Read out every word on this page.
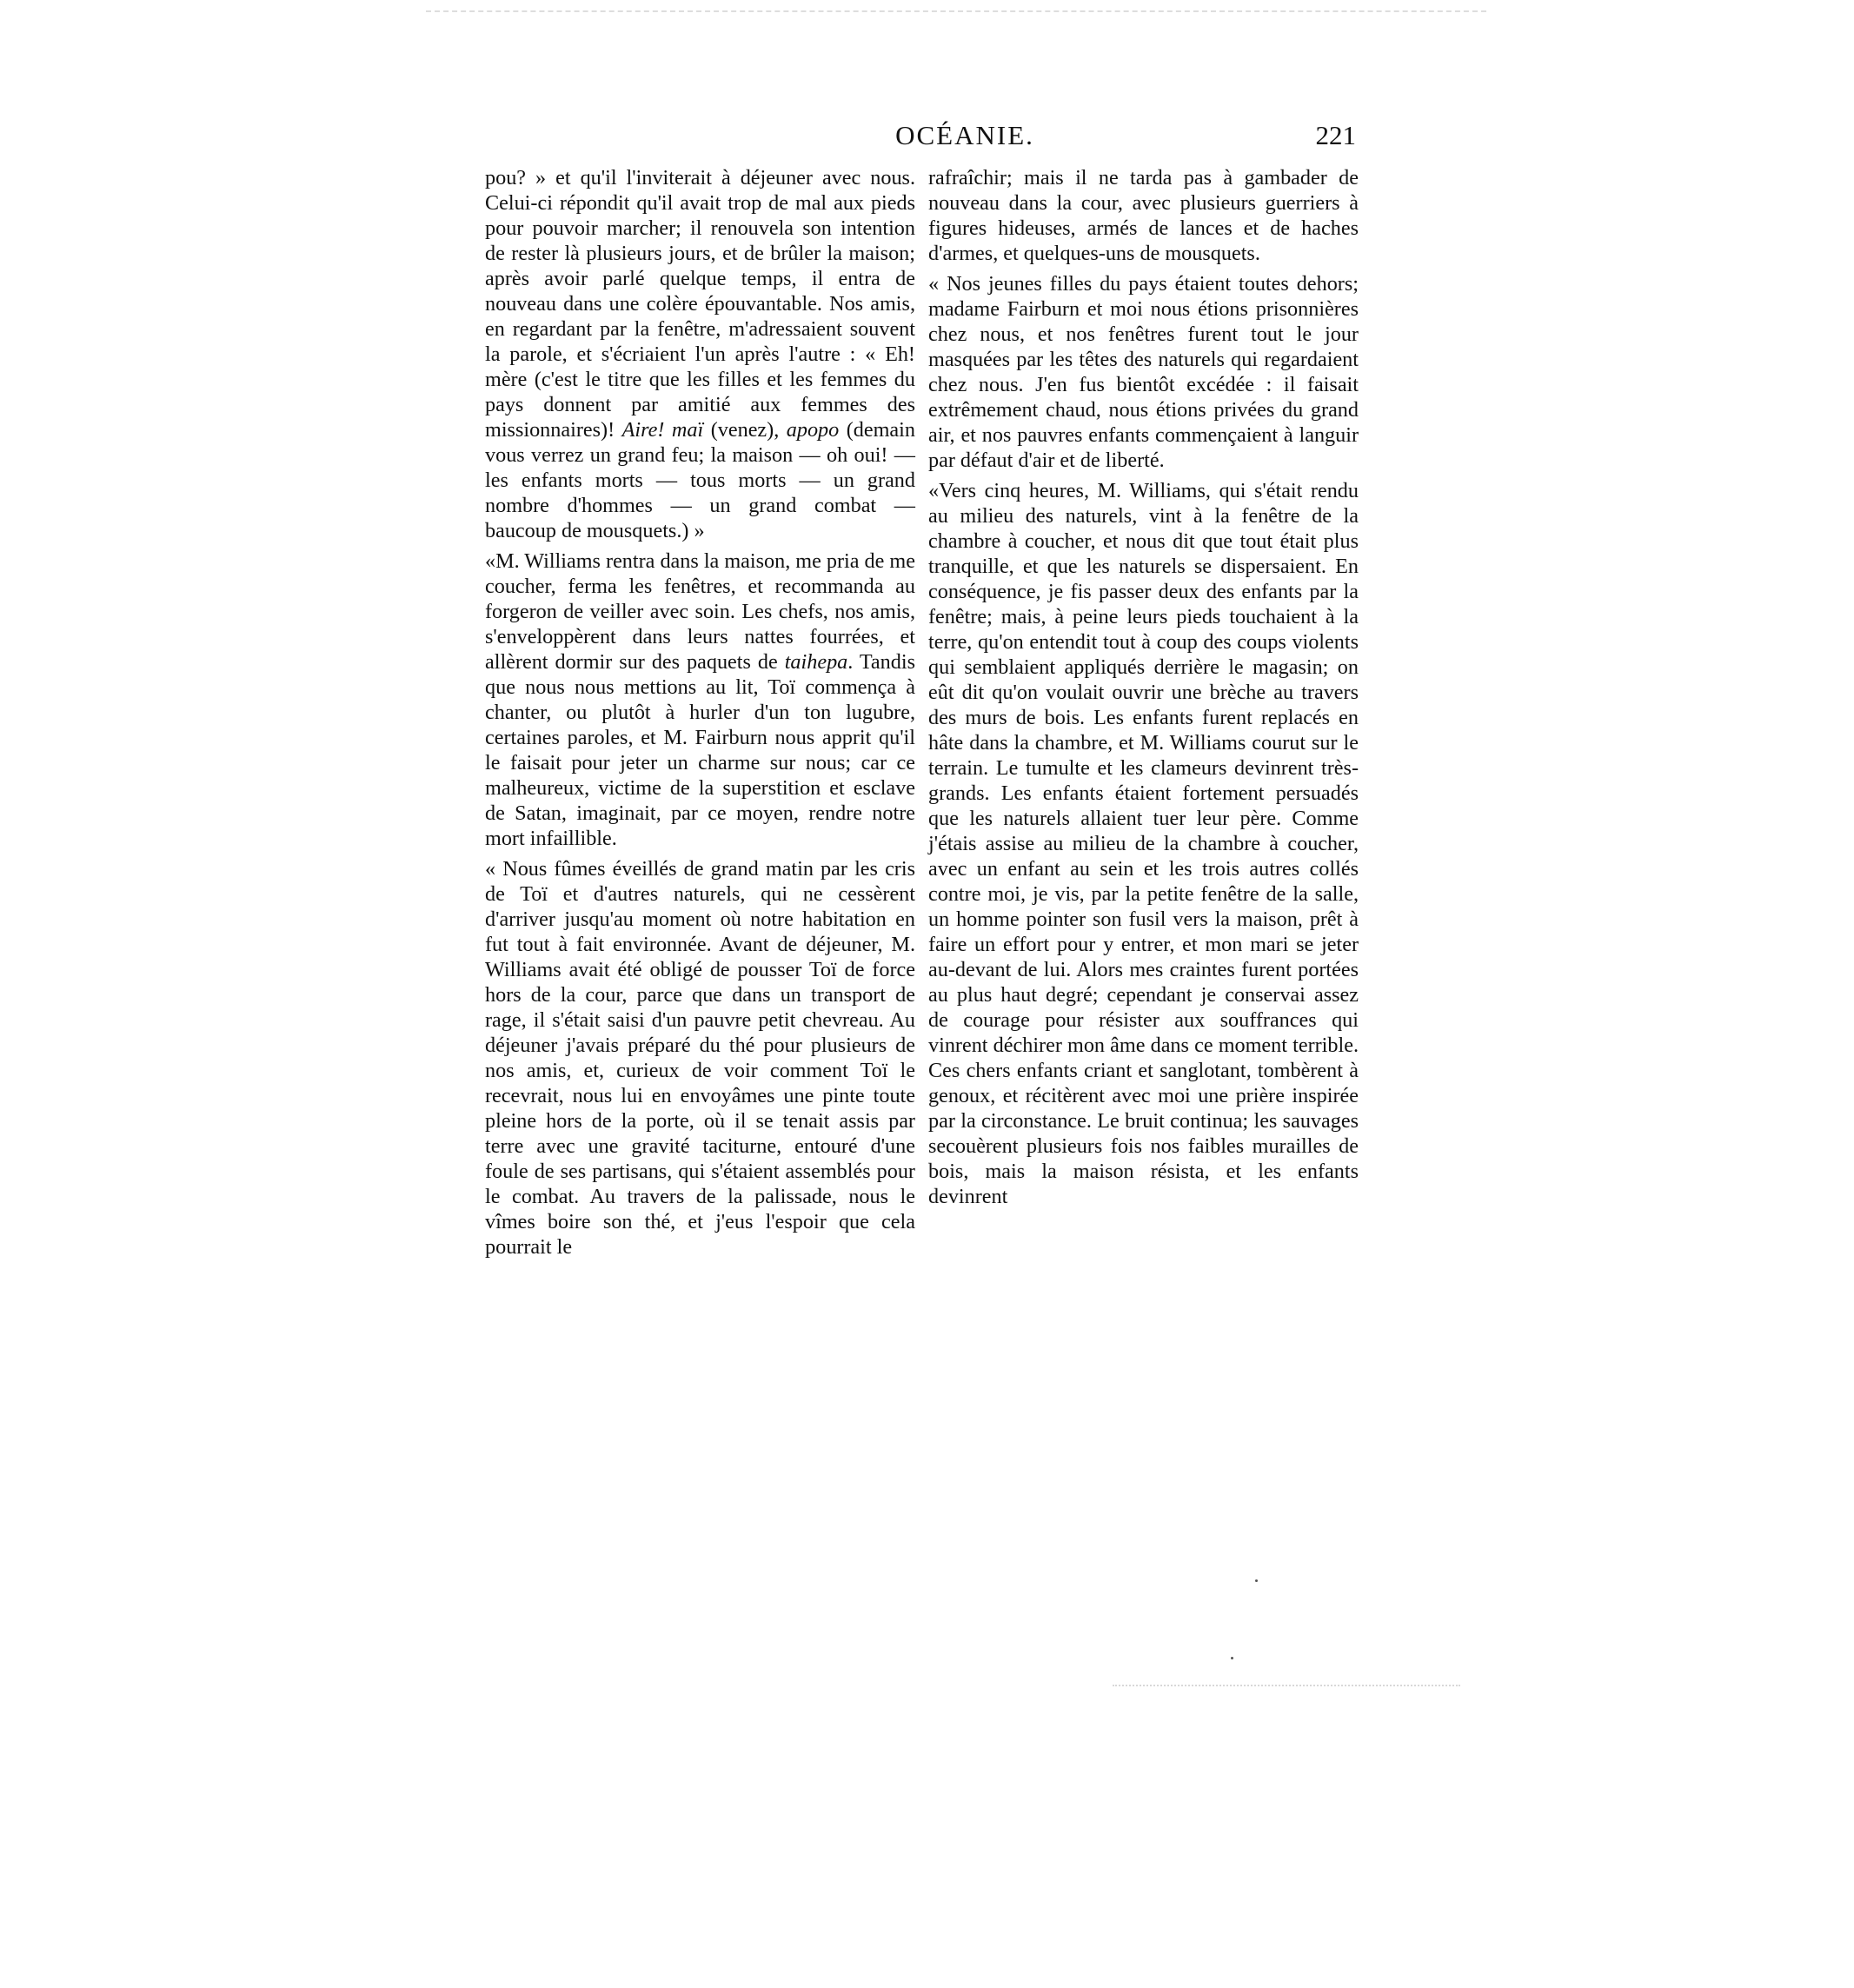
OCÉANIE.	221

pou? » et qu'il l'inviterait à déjeuner avec nous. Celui-ci répondit qu'il avait trop de mal aux pieds pour pouvoir marcher; il renouvela son intention de rester là plusieurs jours, et de brûler la maison; après avoir parlé quelque temps, il entra de nouveau dans une colère épouvantable. Nos amis, en regardant par la fenêtre, m'adressaient souvent la parole, et s'écriaient l'un après l'autre : « Eh! mère (c'est le titre que les filles et les femmes du pays donnent par amitié aux femmes des missionnaires)! Aire! maï (venez), apopo (demain vous verrez un grand feu; la maison — oh oui! — les enfants morts — tous morts — un grand nombre d'hommes — un grand combat — baucoup de mousquets.) »

«M. Williams rentra dans la maison, me pria de me coucher, ferma les fenêtres, et recommanda au forgeron de veiller avec soin. Les chefs, nos amis, s'enveloppèrent dans leurs nattes fourrées, et allèrent dormir sur des paquets de taihepa. Tandis que nous nous mettions au lit, Toï commença à chanter, ou plutôt à hurler d'un ton lugubre, certaines paroles, et M. Fairburn nous apprit qu'il le faisait pour jeter un charme sur nous; car ce malheureux, victime de la superstition et esclave de Satan, imaginait, par ce moyen, rendre notre mort infaillible.

« Nous fûmes éveillés de grand matin par les cris de Toï et d'autres naturels, qui ne cessèrent d'arriver jusqu'au moment où notre habitation en fut tout à fait environnée. Avant de déjeuner, M. Williams avait été obligé de pousser Toï de force hors de la cour, parce que dans un transport de rage, il s'était saisi d'un pauvre petit chevreau. Au déjeuner j'avais préparé du thé pour plusieurs de nos amis, et, curieux de voir comment Toï le recevrait, nous lui en envoyâmes une pinte toute pleine hors de la porte, où il se tenait assis par terre avec une gravité taciturne, entouré d'une foule de ses partisans, qui s'étaient assemblés pour le combat. Au travers de la palissade, nous le vîmes boire son thé, et j'eus l'espoir que cela pourrait le

rafraîchir; mais il ne tarda pas à gambader de nouveau dans la cour, avec plusieurs guerriers à figures hideuses, armés de lances et de haches d'armes, et quelques-uns de mousquets.

« Nos jeunes filles du pays étaient toutes dehors; madame Fairburn et moi nous étions prisonnières chez nous, et nos fenêtres furent tout le jour masquées par les têtes des naturels qui regardaient chez nous. J'en fus bientôt excédée : il faisait extrêmement chaud, nous étions privées du grand air, et nos pauvres enfants commençaient à languir par défaut d'air et de liberté.

«Vers cinq heures, M. Williams, qui s'était rendu au milieu des naturels, vint à la fenêtre de la chambre à coucher, et nous dit que tout était plus tranquille, et que les naturels se dispersaient. En conséquence, je fis passer deux des enfants par la fenêtre; mais, à peine leurs pieds touchaient à la terre, qu'on entendit tout à coup des coups violents qui semblaient appliqués derrière le magasin; on eût dit qu'on voulait ouvrir une brèche au travers des murs de bois. Les enfants furent replacés en hâte dans la chambre, et M. Williams courut sur le terrain. Le tumulte et les clameurs devinrent très-grands. Les enfants étaient fortement persuadés que les naturels allaient tuer leur père. Comme j'étais assise au milieu de la chambre à coucher, avec un enfant au sein et les trois autres collés contre moi, je vis, par la petite fenêtre de la salle, un homme pointer son fusil vers la maison, prêt à faire un effort pour y entrer, et mon mari se jeter au-devant de lui. Alors mes craintes furent portées au plus haut degré; cependant je conservai assez de courage pour résister aux souffrances qui vinrent déchirer mon âme dans ce moment terrible. Ces chers enfants criant et sanglotant, tombèrent à genoux, et récitèrent avec moi une prière inspirée par la circonstance. Le bruit continua; les sauvages secouèrent plusieurs fois nos faibles murailles de bois, mais la maison résista, et les enfants devinrent
